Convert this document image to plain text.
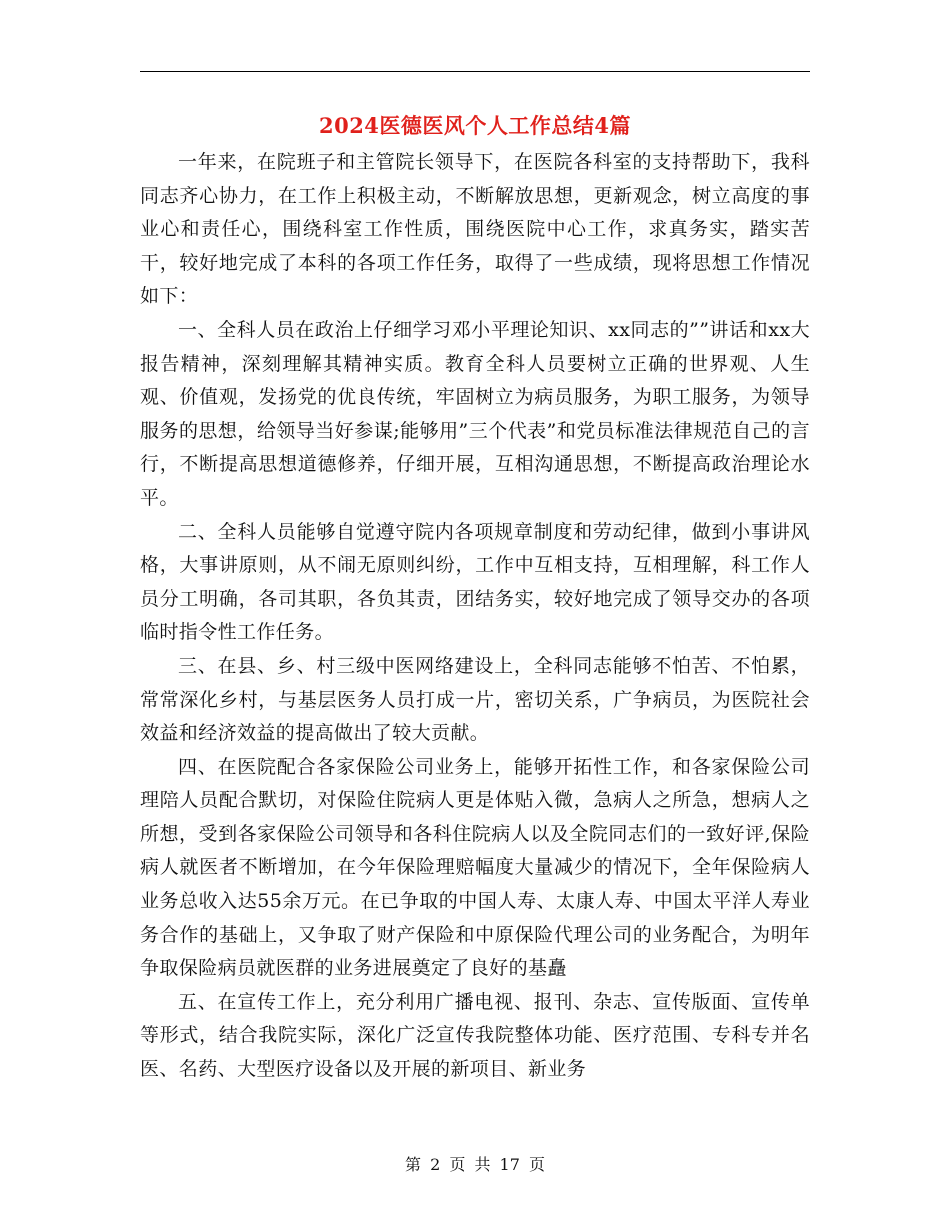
2024医德医风个人工作总结4篇

一年来，在院班子和主管院长领导下，在医院各科室的支持帮助下，我科同志齐心协力，在工作上积极主动，不断解放思想，更新观念，树立高度的事业心和责任心，围绕科室工作性质，围绕医院中心工作，求真务实，踏实苦干，较好地完成了本科的各项工作任务，取得了一些成绩，现将思想工作情况如下：

一、全科人员在政治上仔细学习邓小平理论知识、xx同志的””讲话和xx大报告精神，深刻理解其精神实质。教育全科人员要树立正确的世界观、人生观、价值观，发扬党的优良传统，牢固树立为病员服务，为职工服务，为领导服务的思想，给领导当好参谋;能够用”三个代表”和党员标准法律规范自己的言行，不断提高思想道德修养，仔细开展，互相沟通思想，不断提高政治理论水平。

二、全科人员能够自觉遵守院内各项规章制度和劳动纪律，做到小事讲风格，大事讲原则，从不闹无原则纠纷，工作中互相支持，互相理解，科工作人员分工明确，各司其职，各负其责，团结务实，较好地完成了领导交办的各项临时指令性工作任务。

三、在县、乡、村三级中医网络建设上，全科同志能够不怕苦、不怕累，常常深化乡村，与基层医务人员打成一片，密切关系，广争病员，为医院社会效益和经济效益的提高做出了较大贡献。

四、在医院配合各家保险公司业务上，能够开拓性工作，和各家保险公司理陪人员配合默切，对保险住院病人更是体贴入微，急病人之所急，想病人之所想，受到各家保险公司领导和各科住院病人以及全院同志们的一致好评,保险病人就医者不断增加，在今年保险理赔幅度大量减少的情况下，全年保险病人业务总收入达55余万元。在已争取的中国人寿、太康人寿、中国太平洋人寿业务合作的基础上，又争取了财产保险和中原保险代理公司的业务配合，为明年争取保险病员就医群的业务进展奠定了良好的基矗

五、在宣传工作上，充分利用广播电视、报刊、杂志、宣传版面、宣传单等形式，结合我院实际，深化广泛宣传我院整体功能、医疗范围、专科专并名医、名药、大型医疗设备以及开展的新项目、新业务

第 2 页 共 17 页
